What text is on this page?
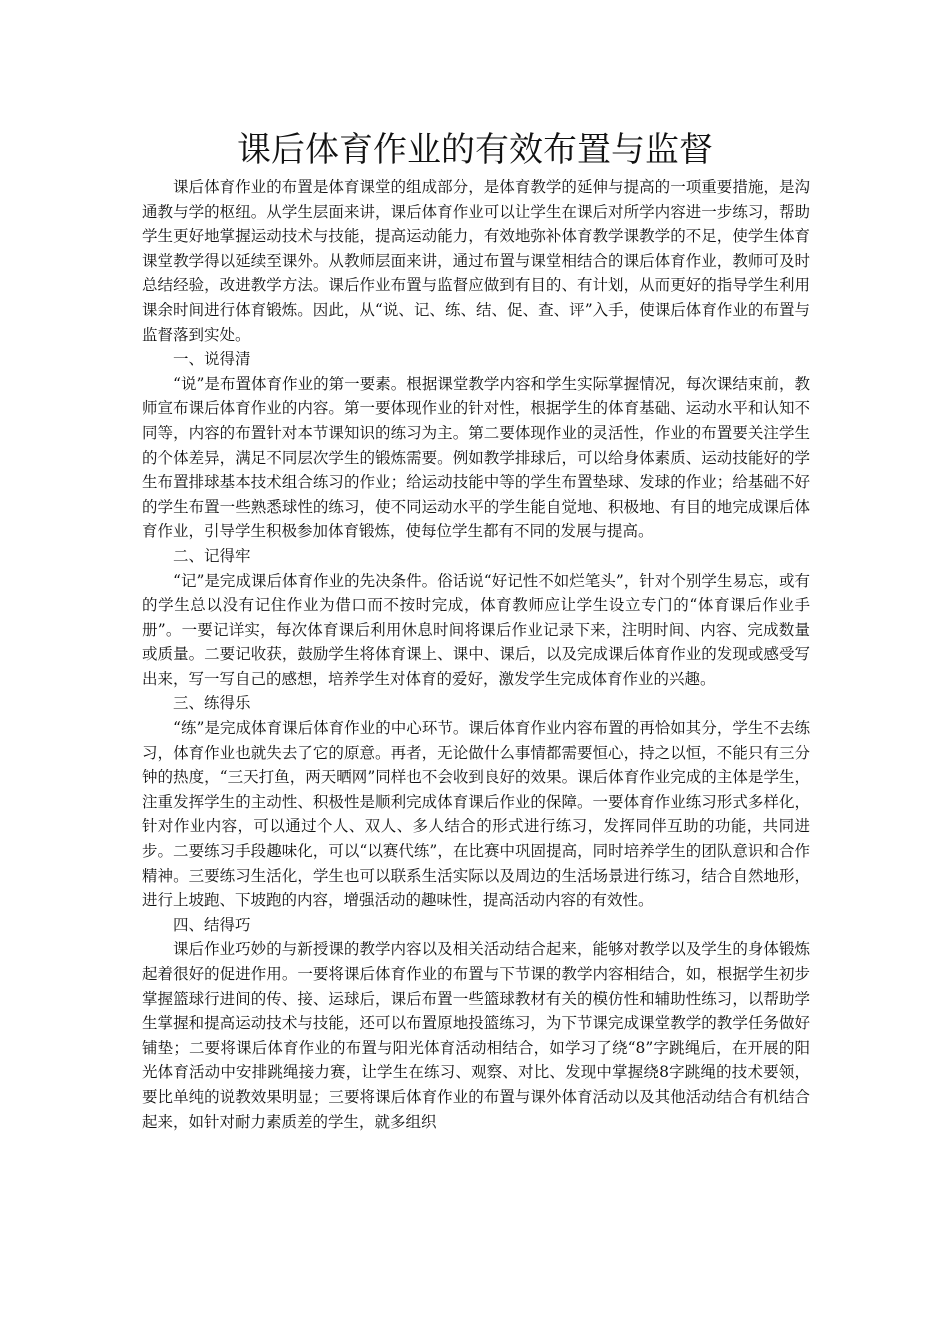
课后体育作业的有效布置与监督

课后体育作业的布置是体育课堂的组成部分，是体育教学的延伸与提高的一项重要措施，是沟通教与学的枢纽。从学生层面来讲，课后体育作业可以让学生在课后对所学内容进一步练习，帮助学生更好地掌握运动技术与技能，提高运动能力，有效地弥补体育教学课教学的不足，使学生体育课堂教学得以延续至课外。从教师层面来讲，通过布置与课堂相结合的课后体育作业，教师可及时总结经验，改进教学方法。课后作业布置与监督应做到有目的、有计划，从而更好的指导学生利用课余时间进行体育锻炼。因此，从“说、记、练、结、促、查、评”入手，使课后体育作业的布置与监督落到实处。

一、说得清

“说”是布置体育作业的第一要素。根据课堂教学内容和学生实际掌握情况，每次课结束前，教师宣布课后体育作业的内容。第一要体现作业的针对性，根据学生的体育基础、运动水平和认知不同等，内容的布置针对本节课知识的练习为主。第二要体现作业的灵活性，作业的布置要关注学生的个体差异，满足不同层次学生的锻炼需要。例如教学排球后，可以给身体素质、运动技能好的学生布置排球基本技术组合练习的作业；给运动技能中等的学生布置垫球、发球的作业；给基础不好的学生布置一些熟悉球性的练习，使不同运动水平的学生能自觉地、积极地、有目的地完成课后体育作业，引导学生积极参加体育锻炼，使每位学生都有不同的发展与提高。

二、记得牢

“记”是完成课后体育作业的先决条件。俗话说“好记性不如烂笔头”，针对个别学生易忘，或有的学生总以没有记住作业为借口而不按时完成，体育教师应让学生设立专门的“体育课后作业手册”。一要记详实，每次体育课后利用休息时间将课后作业记录下来，注明时间、内容、完成数量或质量。二要记收获，鼓励学生将体育课上、课中、课后，以及完成课后体育作业的发现或感受写出来，写一写自己的感想，培养学生对体育的爱好，激发学生完成体育作业的兴趣。

三、练得乐

“练”是完成体育课后体育作业的中心环节。课后体育作业内容布置的再恰如其分，学生不去练习，体育作业也就失去了它的原意。再者，无论做什么事情都需要恒心，持之以恒，不能只有三分钟的热度，“三天打鱼，两天晒网”同样也不会收到良好的效果。课后体育作业完成的主体是学生，注重发挥学生的主动性、积极性是顺利完成体育课后作业的保障。一要体育作业练习形式多样化，针对作业内容，可以通过个人、双人、多人结合的形式进行练习，发挥同伴互助的功能，共同进步。二要练习手段趣味化，可以“以赛代练”，在比赛中巩固提高，同时培养学生的团队意识和合作精神。三要练习生活化，学生也可以联系生活实际以及周边的生活场景进行练习，结合自然地形，进行上坡跑、下坡跑的内容，增强活动的趣味性，提高活动内容的有效性。

四、结得巧

课后作业巧妙的与新授课的教学内容以及相关活动结合起来，能够对教学以及学生的身体锻炼起着很好的促进作用。一要将课后体育作业的布置与下节课的教学内容相结合，如，根据学生初步掌握篮球行进间的传、接、运球后，课后布置一些篮球教材有关的模仿性和辅助性练习，以帮助学生掌握和提高运动技术与技能，还可以布置原地投篮练习，为下节课完成课堂教学的教学任务做好铺垫；二要将课后体育作业的布置与阳光体育活动相结合，如学习了绕“8”字跳绳后，在开展的阳光体育活动中安排跳绳接力赛，让学生在练习、观察、对比、发现中掌握绕8字跳绳的技术要领，要比单纯的说教效果明显；三要将课后体育作业的布置与课外体育活动以及其他活动结合有机结合起来，如针对耐力素质差的学生，就多组织
